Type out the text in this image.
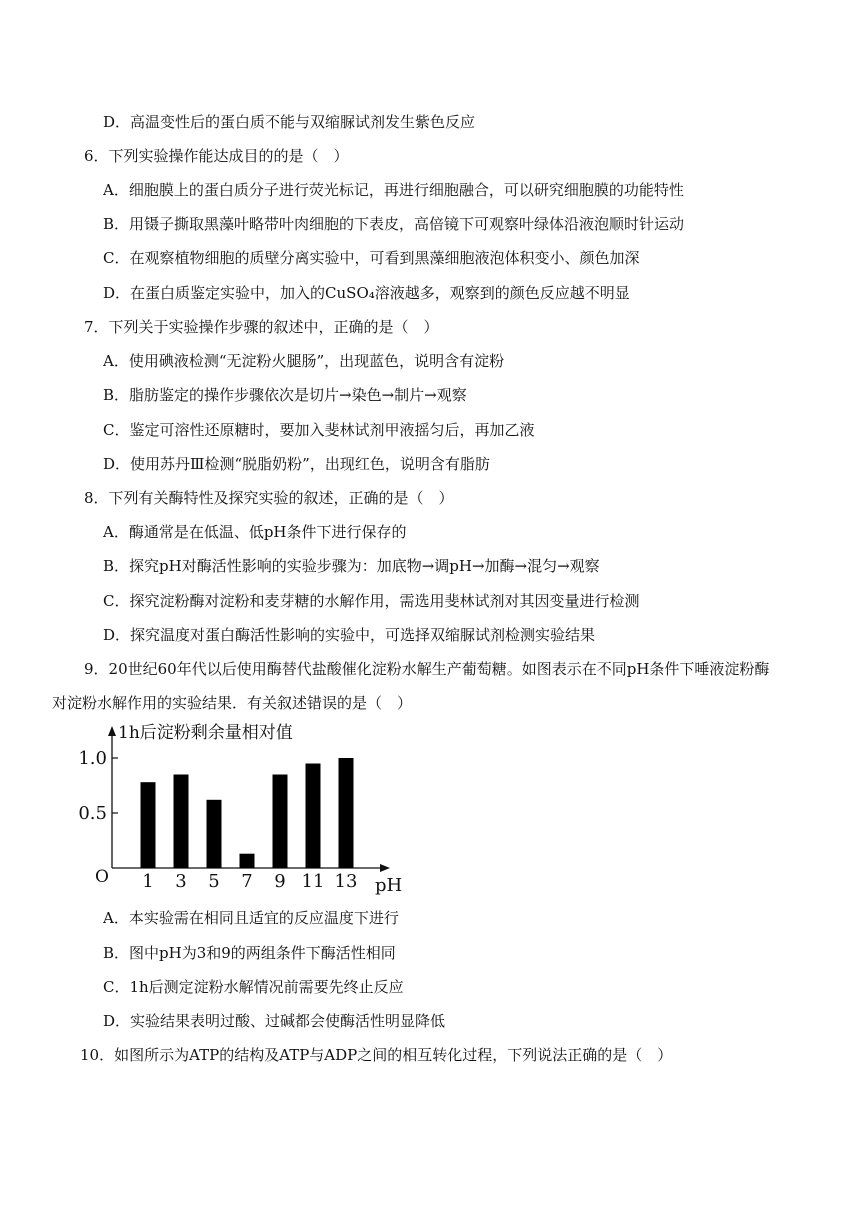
D．高温变性后的蛋白质不能与双缩脲试剂发生紫色反应
6．下列实验操作能达成目的的是（　）
A．细胞膜上的蛋白质分子进行荧光标记，再进行细胞融合，可以研究细胞膜的功能特性
B．用镊子撕取黑藻叶略带叶肉细胞的下表皮，高倍镜下可观察叶绿体沿液泡顺时针运动
C．在观察植物细胞的质壁分离实验中，可看到黑藻细胞液泡体积变小、颜色加深
D．在蛋白质鉴定实验中，加入的CuSO₄溶液越多，观察到的颜色反应越不明显
7．下列关于实验操作步骤的叙述中，正确的是（　）
A．使用碘液检测“无淀粉火腿肠”，出现蓝色，说明含有淀粉
B．脂肪鉴定的操作步骤依次是切片→染色→制片→观察
C．鉴定可溶性还原糖时，要加入斐林试剂甲液摇匀后，再加乙液
D．使用苏丹Ⅲ检测“脱脂奶粉”，出现红色，说明含有脂肪
8．下列有关酶特性及探究实验的叙述，正确的是（　）
A．酶通常是在低温、低pH条件下进行保存的
B．探究pH对酶活性影响的实验步骤为：加底物→调pH→加酶→混匀→观察
C．探究淀粉酶对淀粉和麦芽糖的水解作用，需选用斐林试剂对其因变量进行检测
D．探究温度对蛋白酶活性影响的实验中，可选择双缩脲试剂检测实验结果
9．20世纪60年代以后使用酶替代盐酸催化淀粉水解生产葡萄糖。如图表示在不同pH条件下唾液淀粉酶
对淀粉水解作用的实验结果．有关叙述错误的是（　）
1.0
0.5
1h后淀粉剩余量相对值
O 1 3 5 7 9 11 13 pH
A．本实验需在相同且适宜的反应温度下进行
B．图中pH为3和9的两组条件下酶活性相同
C．1h后测定淀粉水解情况前需要先终止反应
D．实验结果表明过酸、过碱都会使酶活性明显降低
10．如图所示为ATP的结构及ATP与ADP之间的相互转化过程，下列说法正确的是（　）
